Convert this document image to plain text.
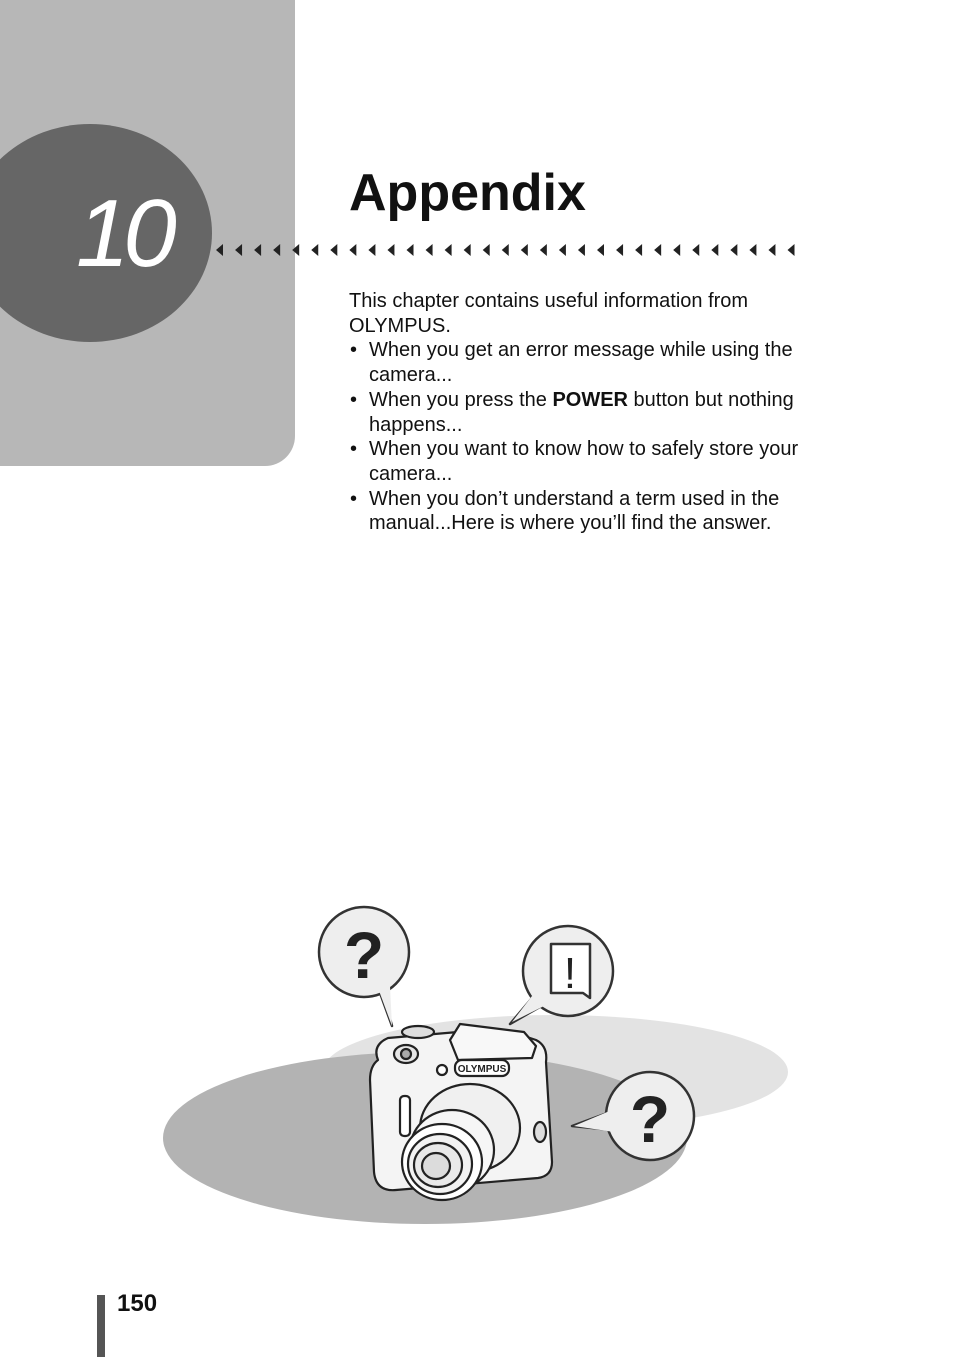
10	Appendix

This chapter contains useful information from OLYMPUS.

• When you get an error message while using the camera...
• When you press the POWER button but nothing happens...
• When you want to know how to safely store your camera...
• When you don’t understand a term used in the manual...Here is where you’ll find the answer.
?	!
?
OLYMPUS
150
